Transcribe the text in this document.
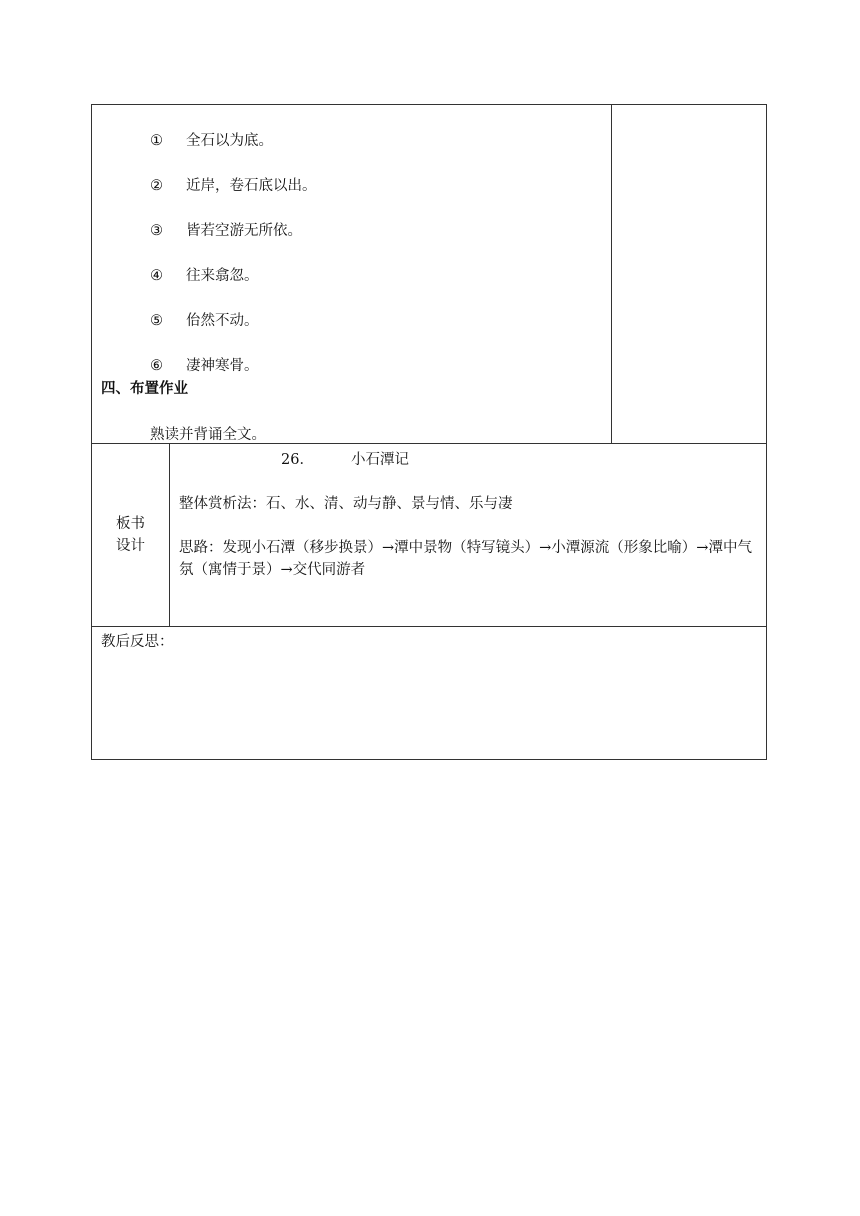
① 全石以为底。
② 近岸，卷石底以出。
③ 皆若空游无所依。
④ 往来翕忽。
⑤ 佁然不动。
⑥ 凄神寒骨。
四、布置作业
熟读并背诵全文。
板书
设计
26．	小石潭记
整体赏析法：石、水、清、动与静、景与情、乐与凄
思路：发现小石潭（移步换景）→潭中景物（特写镜头）→小潭源流（形象比喻）→潭中气氛（寓情于景）→交代同游者
教后反思：
